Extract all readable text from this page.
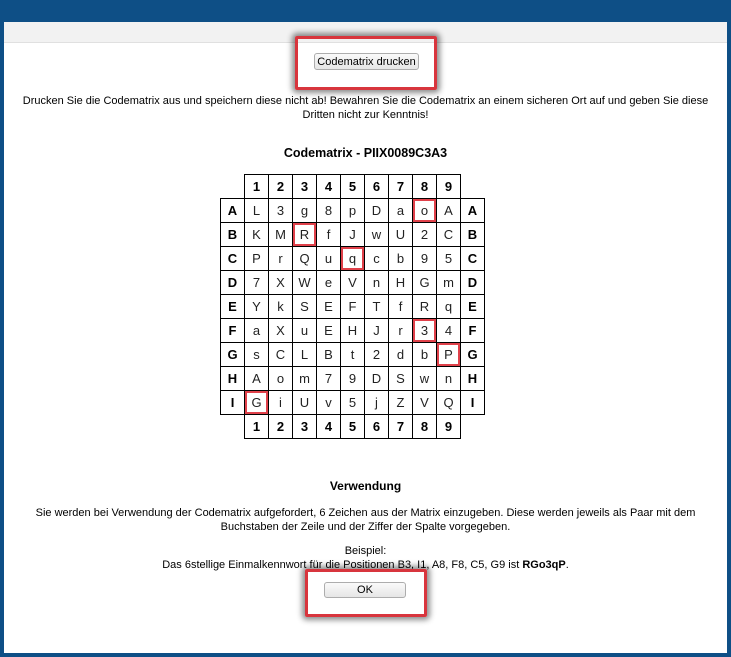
Codematrix drucken
Drucken Sie die Codematrix aus und speichern diese nicht ab! Bewahren Sie die Codematrix an einem sicheren Ort auf und geben Sie diese
Dritten nicht zur Kenntnis!
Codematrix - PIIX0089C3A3
	1	2	3	4	5	6	7	8	9	
A	L	3	g	8	p	D	a	o	A	A
B	K	M	R	f	J	w	U	2	C	B
C	P	r	Q	u	q	c	b	9	5	C
D	7	X	W	e	V	n	H	G	m	D
E	Y	k	S	E	F	T	f	R	q	E
F	a	X	u	E	H	J	r	3	4	F
G	s	C	L	B	t	2	d	b	P	G
H	A	o	m	7	9	D	S	w	n	H
I	G	i	U	v	5	j	Z	V	Q	I
	1	2	3	4	5	6	7	8	9	
Verwendung
Sie werden bei Verwendung der Codematrix aufgefordert, 6 Zeichen aus der Matrix einzugeben. Diese werden jeweils als Paar mit dem
Buchstaben der Zeile und der Ziffer der Spalte vorgegeben.
Beispiel:
Das 6stellige Einmalkennwort für die Positionen B3, I1, A8, F8, C5, G9 ist RGo3qP.
OK
